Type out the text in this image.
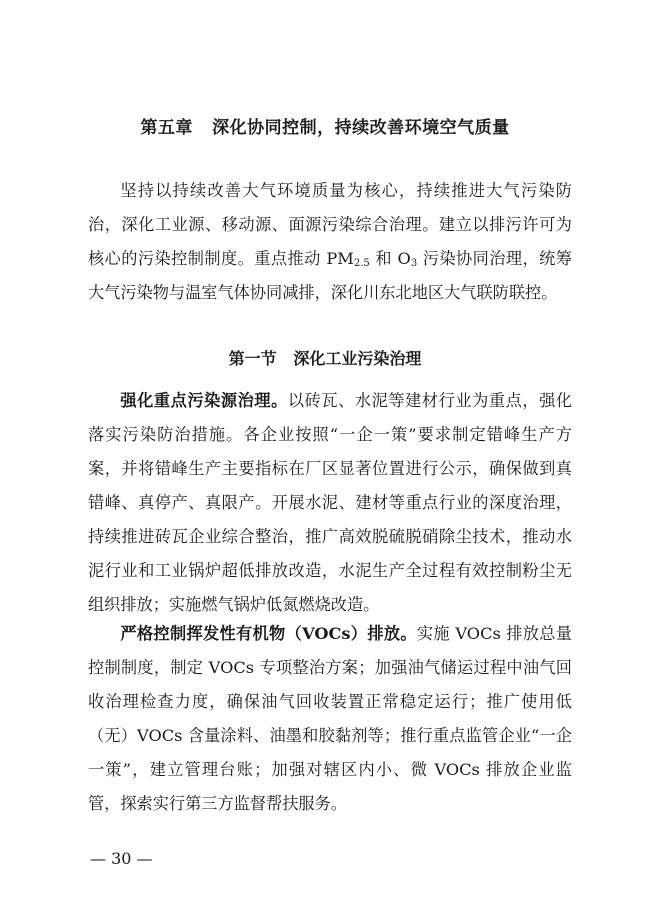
第五章   深化协同控制，持续改善环境空气质量
坚持以持续改善大气环境质量为核心，持续推进大气污染防治，深化工业源、移动源、面源污染综合治理。建立以排污许可为核心的污染控制制度。重点推动 $PM_{2.5}$ 和 $O_3$ 污染协同治理，统筹大气污染物与温室气体协同减排，深化川东北地区大气联防联控。
第一节   深化工业污染治理
强化重点污染源治理。以砖瓦、水泥等建材行业为重点，强化落实污染防治措施。各企业按照“一企一策”要求制定错峰生产方案，并将错峰生产主要指标在厂区显著位置进行公示，确保做到真错峰、真停产、真限产。开展水泥、建材等重点行业的深度治理，持续推进砖瓦企业综合整治，推广高效脱硫脱硝除尘技术，推动水泥行业和工业锅炉超低排放改造，水泥生产全过程有效控制粉尘无组织排放；实施燃气锅炉低氮燃烧改造。
严格控制挥发性有机物（VOCs）排放。实施 VOCs 排放总量控制制度，制定 VOCs 专项整治方案；加强油气储运过程中油气回收治理检查力度，确保油气回收装置正常稳定运行；推广使用低（无）VOCs 含量涂料、油墨和胶黏剂等；推行重点监管企业“一企一策”，建立管理台账；加强对辖区内小、微 VOCs 排放企业监管，探索实行第三方监督帮扶服务。
— 30 —
